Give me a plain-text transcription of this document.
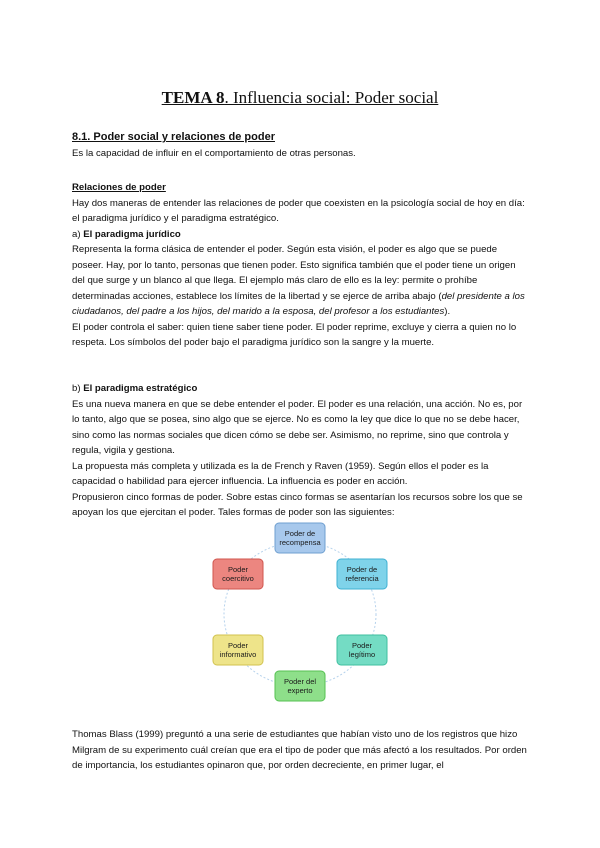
TEMA 8. Influencia social: Poder social

8.1. Poder social y relaciones de poder

Es la capacidad de influir en el comportamiento de otras personas.

Relaciones de poder

Hay dos maneras de entender las relaciones de poder que coexisten en la psicología social de hoy en día: el paradigma jurídico y el paradigma estratégico.

a) El paradigma jurídico

Representa la forma clásica de entender el poder. Según esta visión, el poder es algo que se puede poseer. Hay, por lo tanto, personas que tienen poder. Esto significa también que el poder tiene un origen del que surge y un blanco al que llega. El ejemplo más claro de ello es la ley: permite o prohíbe determinadas acciones, establece los límites de la libertad y se ejerce de arriba abajo (del presidente a los ciudadanos, del padre a los hijos, del marido a la esposa, del profesor a los estudiantes).

El poder controla el saber: quien tiene saber tiene poder. El poder reprime, excluye y cierra a quien no lo respeta. Los símbolos del poder bajo el paradigma jurídico son la sangre y la muerte.

b) El paradigma estratégico

Es una nueva manera en que se debe entender el poder. El poder es una relación, una acción. No es, por lo tanto, algo que se posea, sino algo que se ejerce. No es como la ley que dice lo que no se debe hacer, sino como las normas sociales que dicen cómo se debe ser. Asimismo, no reprime, sino que controla y regula, vigila y gestiona.

La propuesta más completa y utilizada es la de French y Raven (1959). Según ellos el poder es la capacidad o habilidad para ejercer influencia. La influencia es poder en acción.

Propusieron cinco formas de poder. Sobre estas cinco formas se asentarían los recursos sobre los que se apoyan los que ejercitan el poder. Tales formas de poder son las siguientes:

Poder de
recompensa
Poder de
referencia
Poder
legítimo
Poder del
experto
Poder
informativo
Poder
coercitivo

Thomas Blass (1999) preguntó a una serie de estudiantes que habían visto uno de los registros que hizo Milgram de su experimento cuál creían que era el tipo de poder que más afectó a los resultados. Por orden de importancia, los estudiantes opinaron que, por orden decreciente, en primer lugar, el
